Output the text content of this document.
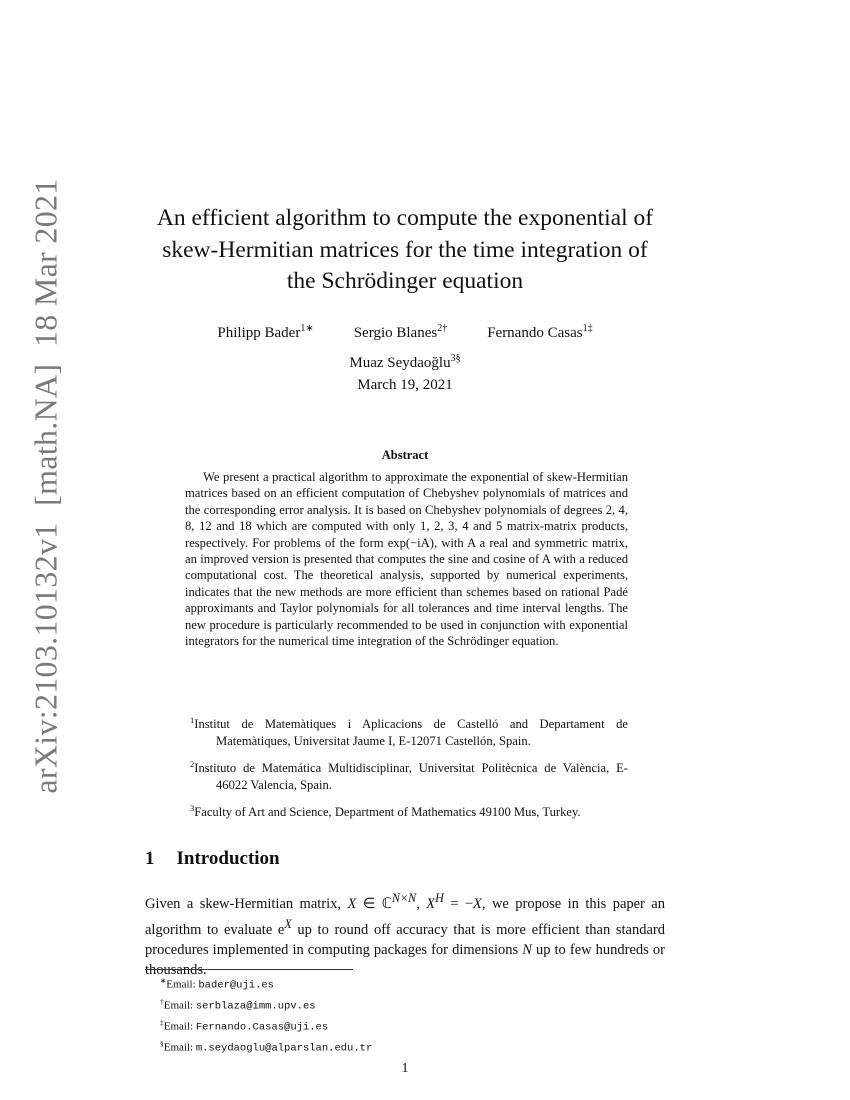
arXiv:2103.10132v1  [math.NA]  18 Mar 2021	An efficient algorithm to compute the exponential of skew-Hermitian matrices for the time integration of the Schrödinger equation
Philipp Bader$^{1∗}$	Sergio Blanes$^{2\dagger}$	Fernando Casas$^{1\ddagger}$
Muaz Seydaoğlu$^{3\S}$
March 19, 2021
Abstract

We present a practical algorithm to approximate the exponential of skew-Hermitian matrices based on an efficient computation of Chebyshev polynomials of matrices and the corresponding error analysis. It is based on Chebyshev polynomials of degrees 2, 4, 8, 12 and 18 which are computed with only 1, 2, 3, 4 and 5 matrix-matrix products, respectively. For problems of the form exp(−iA), with A a real and symmetric matrix, an improved version is presented that computes the sine and cosine of A with a reduced computational cost. The theoretical analysis, supported by numerical experiments, indicates that the new methods are more efficient than schemes based on rational Padé approximants and Taylor polynomials for all tolerances and time interval lengths. The new procedure is particularly recommended to be used in conjunction with exponential integrators for the numerical time integration of the Schrödinger equation.

$^1$Institut de Matemàtiques i Aplicacions de Castelló and Departament de Matemàtiques, Universitat Jaume I, E-12071 Castellón, Spain.

$^2$Instituto de Matemática Multidisciplinar, Universitat Politècnica de València, E-46022 Valencia, Spain.

$^3$Faculty of Art and Science, Department of Mathematics 49100 Mus, Turkey.

1 Introduction

Given a skew-Hermitian matrix, X ∈ ℂ$^{N\times N}$, $X^H = -X$, we propose in this paper an algorithm to evaluate $e^X$ up to round off accuracy that is more efficient than standard procedures implemented in computing packages for dimensions N up to few hundreds or thousands.

∗Email: bader@uji.es
†Email: serblaza@imm.upv.es
‡Email: Fernando.Casas@uji.es
§Email: m.seydaoglu@alparslan.edu.tr
1
